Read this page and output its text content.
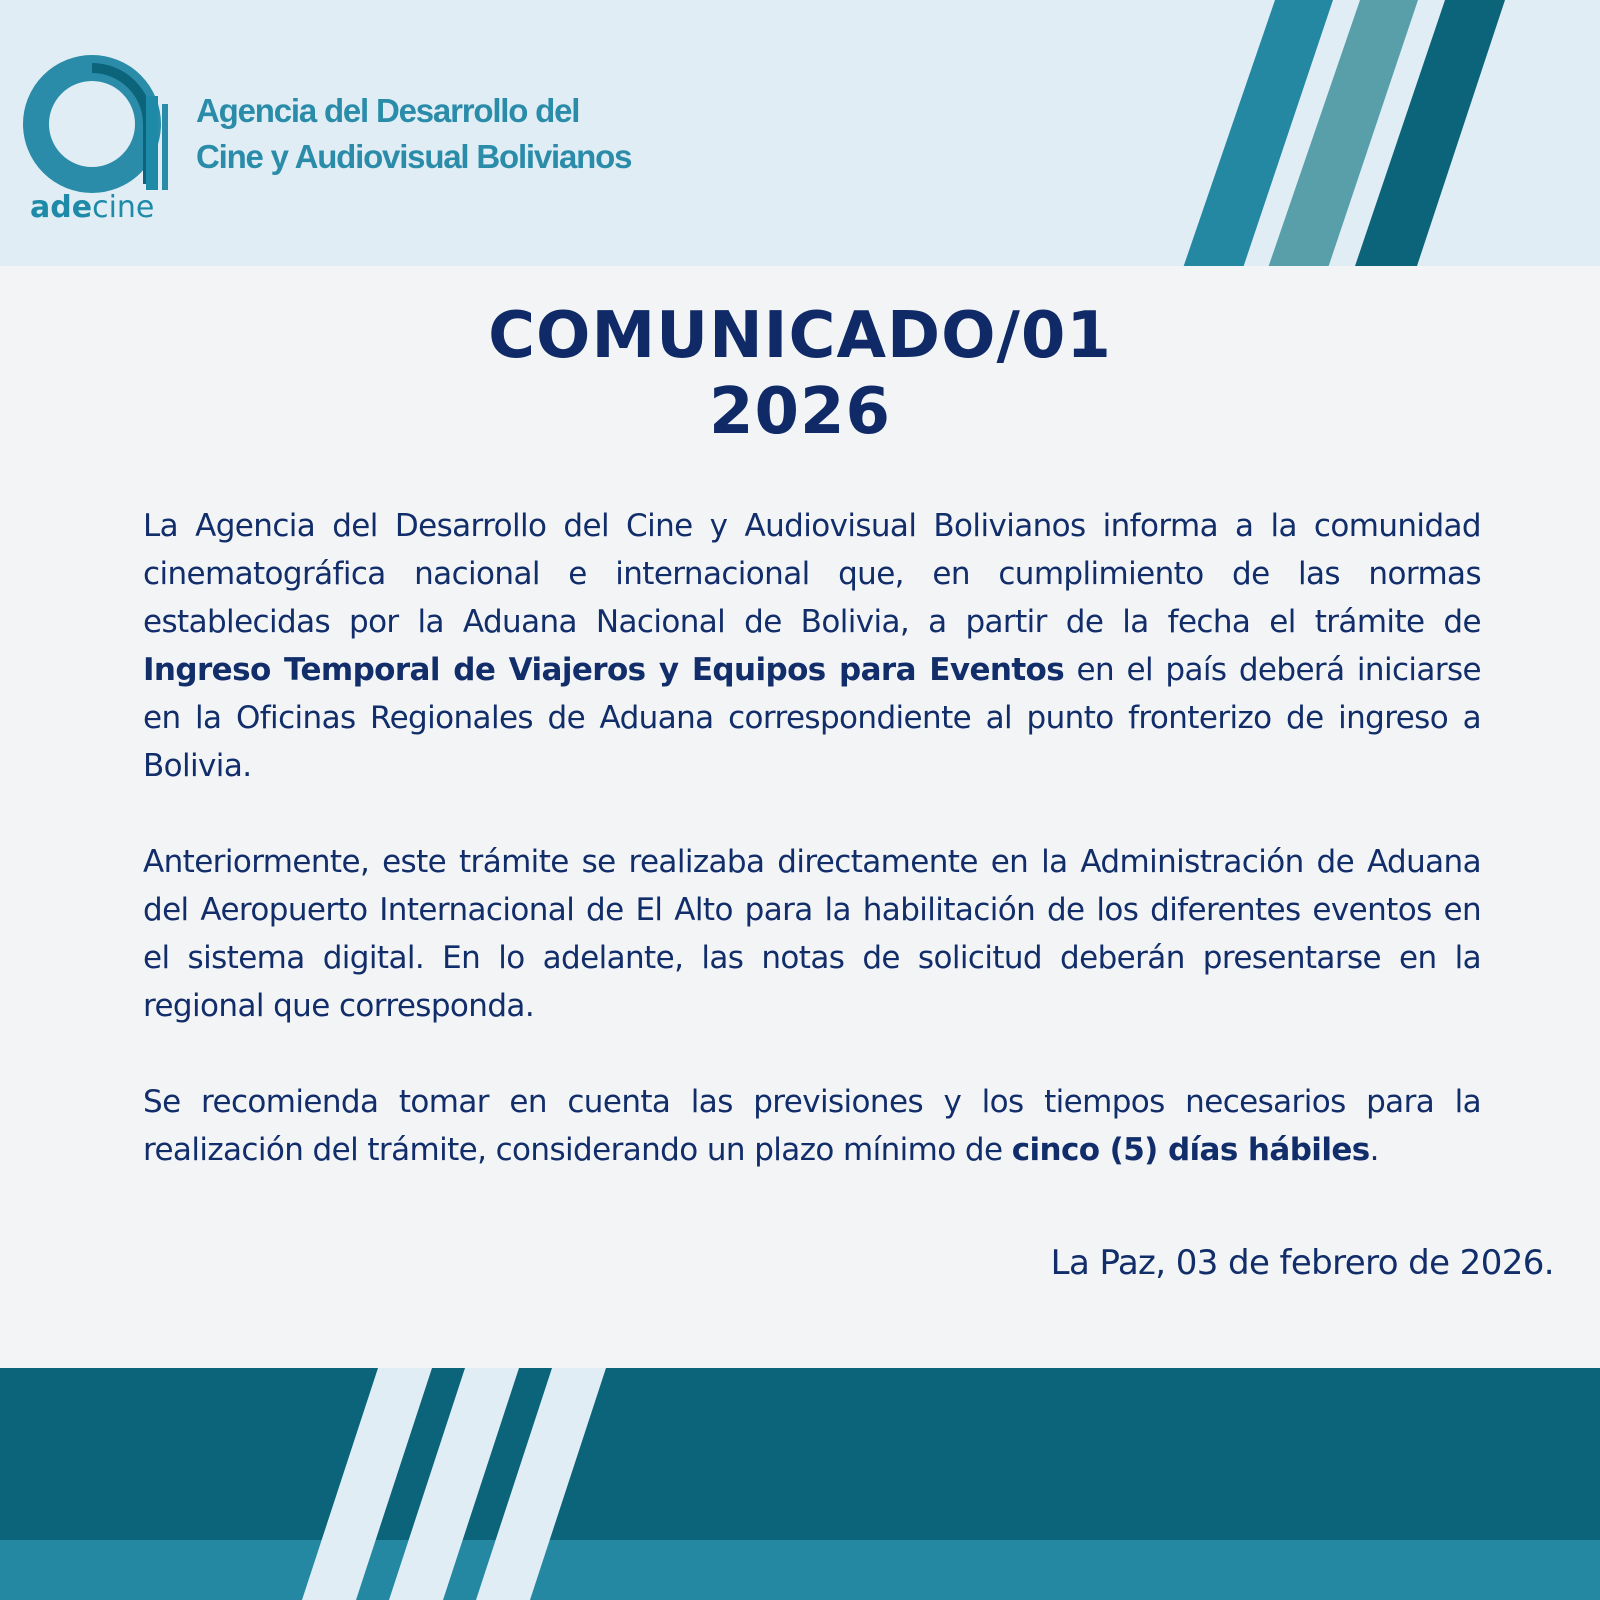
adecine
Agencia del Desarrollo del
Cine y Audiovisual Bolivianos
COMUNICADO/01
2026

La Agencia del Desarrollo del Cine y Audiovisual Bolivianos informa a la comunidad cinematográfica nacional e internacional que, en cumplimiento de las normas establecidas por la Aduana Nacional de Bolivia, a partir de la fecha el trámite de Ingreso Temporal de Viajeros y Equipos para Eventos en el país deberá iniciarse en la Oficinas Regionales de Aduana correspondiente al punto fronterizo de ingreso a Bolivia.

Anteriormente, este trámite se realizaba directamente en la Administración de Aduana del Aeropuerto Internacional de El Alto para la habilitación de los diferentes eventos en el sistema digital. En lo adelante, las notas de solicitud deberán presentarse en la regional que corresponda.

Se recomienda tomar en cuenta las previsiones y los tiempos necesarios para la realización del trámite, considerando un plazo mínimo de cinco (5) días hábiles.

La Paz, 03 de febrero de 2026.
